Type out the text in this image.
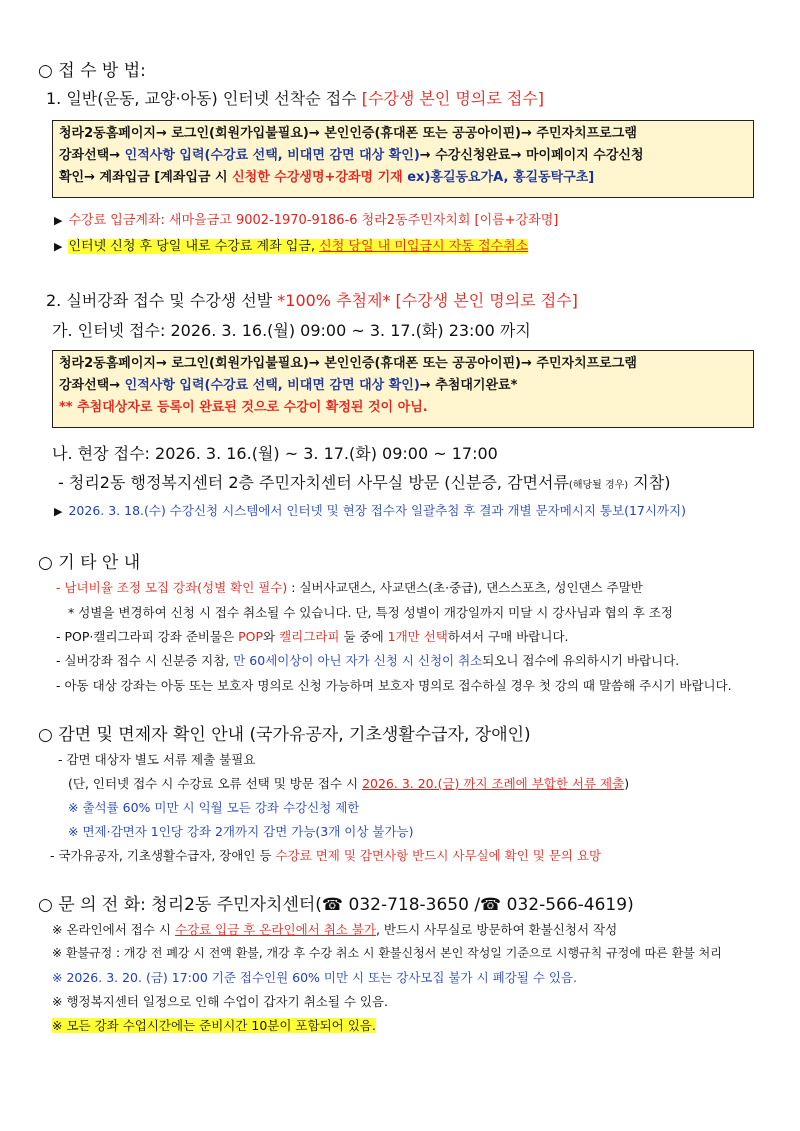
○ 접 수 방 법:
1. 일반(운동, 교양·아동) 인터넷 선착순 접수 [수강생 본인 명의로 접수]
청라2동홈페이지→ 로그인(회원가입불필요)→ 본인인증(휴대폰 또는 공공아이핀)→ 주민자치프로그램
강좌선택→ 인적사항 입력(수강료 선택, 비대면 감면 대상 확인)→ 수강신청완료→ 마이페이지 수강신청
확인→ 계좌입금 [계좌입금 시 신청한 수강생명+강좌명 기재 ex)홍길동요가A, 홍길동탁구초]
▶ 수강료 입금계좌: 새마을금고 9002-1970-9186-6 청라2동주민자치회 [이름+강좌명]
▶ 인터넷 신청 후 당일 내로 수강료 계좌 입금, 신청 당일 내 미입금시 자동 접수취소
2. 실버강좌 접수 및 수강생 선발 *100% 추첨제* [수강생 본인 명의로 접수]
가. 인터넷 접수: 2026. 3. 16.(월) 09:00 ~ 3. 17.(화) 23:00 까지
청라2동홈페이지→ 로그인(회원가입불필요)→ 본인인증(휴대폰 또는 공공아이핀)→ 주민자치프로그램
강좌선택→ 인적사항 입력(수강료 선택, 비대면 감면 대상 확인)→ 추첨대기완료*
** 추첨대상자로 등록이 완료된 것으로 수강이 확정된 것이 아님.
나. 현장 접수: 2026. 3. 16.(월) ~ 3. 17.(화) 09:00 ~ 17:00
- 청리2동 행정복지센터 2층 주민자치센터 사무실 방문 (신분증, 감면서류(해당될 경우) 지참)
▶ 2026. 3. 18.(수) 수강신청 시스템에서 인터넷 및 현장 접수자 일괄추첨 후 결과 개별 문자메시지 통보(17시까지)
○ 기 타 안 내
- 남녀비율 조정 모집 강좌(성별 확인 필수) : 실버사교댄스, 사교댄스(초·중급), 댄스스포츠, 성인댄스 주말반
* 성별을 변경하여 신청 시 접수 취소될 수 있습니다. 단, 특정 성별이 개강일까지 미달 시 강사님과 협의 후 조정
- POP·캘리그라피 강좌 준비물은 POP와 캘리그라피 둘 중에 1개만 선택하셔서 구매 바랍니다.
- 실버강좌 접수 시 신분증 지참, 만 60세이상이 아닌 자가 신청 시 신청이 취소되오니 접수에 유의하시기 바랍니다.
- 아동 대상 강좌는 아동 또는 보호자 명의로 신청 가능하며 보호자 명의로 접수하실 경우 첫 강의 때 말씀해 주시기 바랍니다.
○ 감면 및 면제자 확인 안내 (국가유공자, 기초생활수급자, 장애인)
- 감면 대상자 별도 서류 제출 불필요
(단, 인터넷 접수 시 수강료 오류 선택 및 방문 접수 시 2026. 3. 20.(금) 까지 조례에 부합한 서류 제출)
※ 출석률 60% 미만 시 익월 모든 강좌 수강신청 제한
※ 면제·감면자 1인당 강좌 2개까지 감면 가능(3개 이상 불가능)
- 국가유공자, 기초생활수급자, 장애인 등 수강료 면제 및 감면사항 반드시 사무실에 확인 및 문의 요망
○ 문 의 전 화: 청리2동 주민자치센터(☎ 032-718-3650 /☎ 032-566-4619)
※ 온라인에서 접수 시 수강료 입금 후 온라인에서 취소 불가, 반드시 사무실로 방문하여 환불신청서 작성
※ 환불규정 : 개강 전 폐강 시 전액 환불, 개강 후 수강 취소 시 환불신청서 본인 작성일 기준으로 시행규칙 규정에 따른 환불 처리
※ 2026. 3. 20. (금) 17:00 기준 접수인원 60% 미만 시 또는 강사모집 불가 시 폐강될 수 있음.
※ 행정복지센터 일정으로 인해 수업이 갑자기 취소될 수 있음.
※ 모든 강좌 수업시간에는 준비시간 10분이 포함되어 있음.
